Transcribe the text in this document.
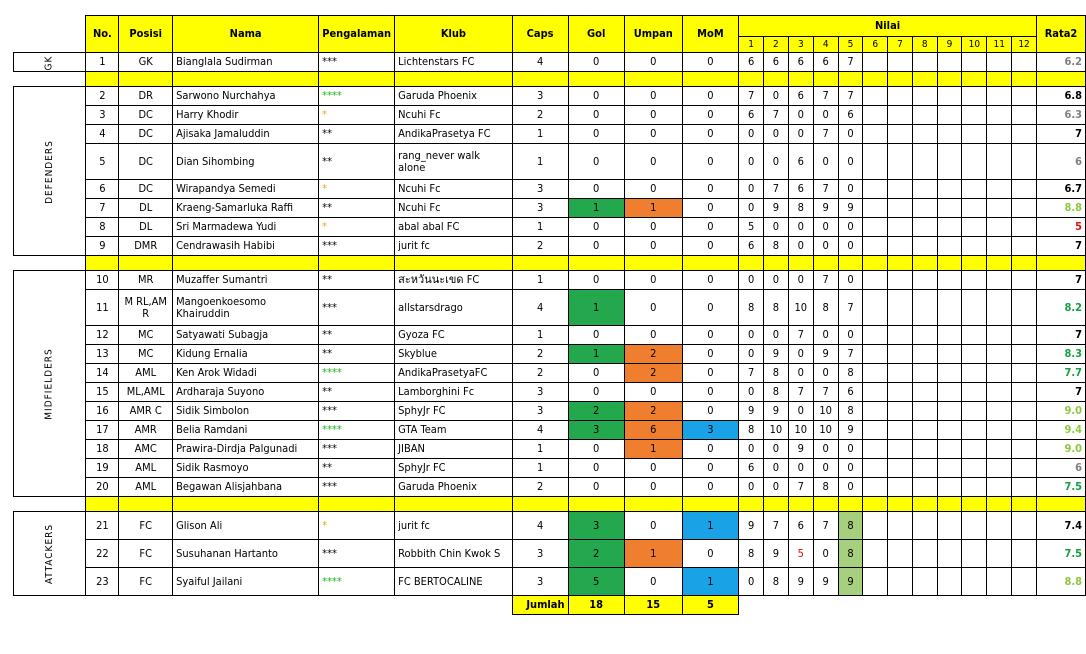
	No.	Posisi	Nama	Pengalaman	Klub	Caps	Gol	Umpan	MoM	Nilai												Rata2
										1	2	3	4	5	6	7	8	9	10	11	12	
GK	1	GK	Bianglala Sudirman	***	Lichtenstars FC	4	0	0	0	6	6	6	6	7								6.2

DEFENDERS	2	DR	Sarwono Nurchahya	****	Garuda Phoenix	3	0	0	0	7	0	6	7	7								6.8
	3	DC	Harry Khodir	*	Ncuhi Fc	2	0	0	0	6	7	0	0	6								6.3
	4	DC	Ajisaka Jamaluddin	**	AndikaPrasetya FC	1	0	0	0	0	0	0	7	0								7
	5	DC	Dian Sihombing	**	rang_never walk alone	1	0	0	0	0	0	6	0	0								6
	6	DC	Wirapandya Semedi	*	Ncuhi Fc	3	0	0	0	0	7	6	7	0								6.7
	7	DL	Kraeng-Samarluka Raffi	**	Ncuhi Fc	3	1	1	0	0	9	8	9	9								8.8
	8	DL	Sri Marmadewa Yudi	*	abal abal FC	1	0	0	0	5	0	0	0	0								5
	9	DMR	Cendrawasih Habibi	***	jurit fc	2	0	0	0	6	8	0	0	0								7

MIDFIELDERS	10	MR	Muzaffer Sumantri	**	สะหวันนะเขด FC	1	0	0	0	0	0	0	7	0								7
	11	M RL,AM R	Mangoenkoesomo Khairuddin	***	allstarsdrago	4	1	0	0	8	8	10	8	7								8.2
	12	MC	Satyawati Subagja	**	Gyoza FC	1	0	0	0	0	0	7	0	0								7
	13	MC	Kidung Ernalia	**	Skyblue	2	1	2	0	0	9	0	9	7								8.3
	14	AML	Ken Arok Widadi	****	AndikaPrasetyaFC	2	0	2	0	7	8	0	0	8								7.7
	15	ML,AML	Ardharaja Suyono	**	Lamborghini Fc	3	0	0	0	0	8	7	7	6								7
	16	AMR C	Sidik Simbolon	***	SphyJr FC	3	2	2	0	9	9	0	10	8								9.0
	17	AMR	Belia Ramdani	****	GTA Team	4	3	6	3	8	10	10	10	9								9.4
	18	AMC	Prawira-Dirdja Palgunadi	***	JIBAN	1	0	1	0	0	0	9	0	0								9.0
	19	AML	Sidik Rasmoyo	**	SphyJr FC	1	0	0	0	6	0	0	0	0								6
	20	AML	Begawan Alisjahbana	***	Garuda Phoenix	2	0	0	0	0	0	7	8	0								7.5

ATTACKERS	21	FC	Glison Ali	*	jurit fc	4	3	0	1	9	7	6	7	8								7.4
	22	FC	Susuhanan Hartanto	***	Robbith Chin Kwok S	3	2	1	0	8	9	5	0	8								7.5
	23	FC	Syaiful Jailani	****	FC BERTOCALINE	3	5	0	1	0	8	9	9	9								8.8
						Jumlah	18	15	5													
